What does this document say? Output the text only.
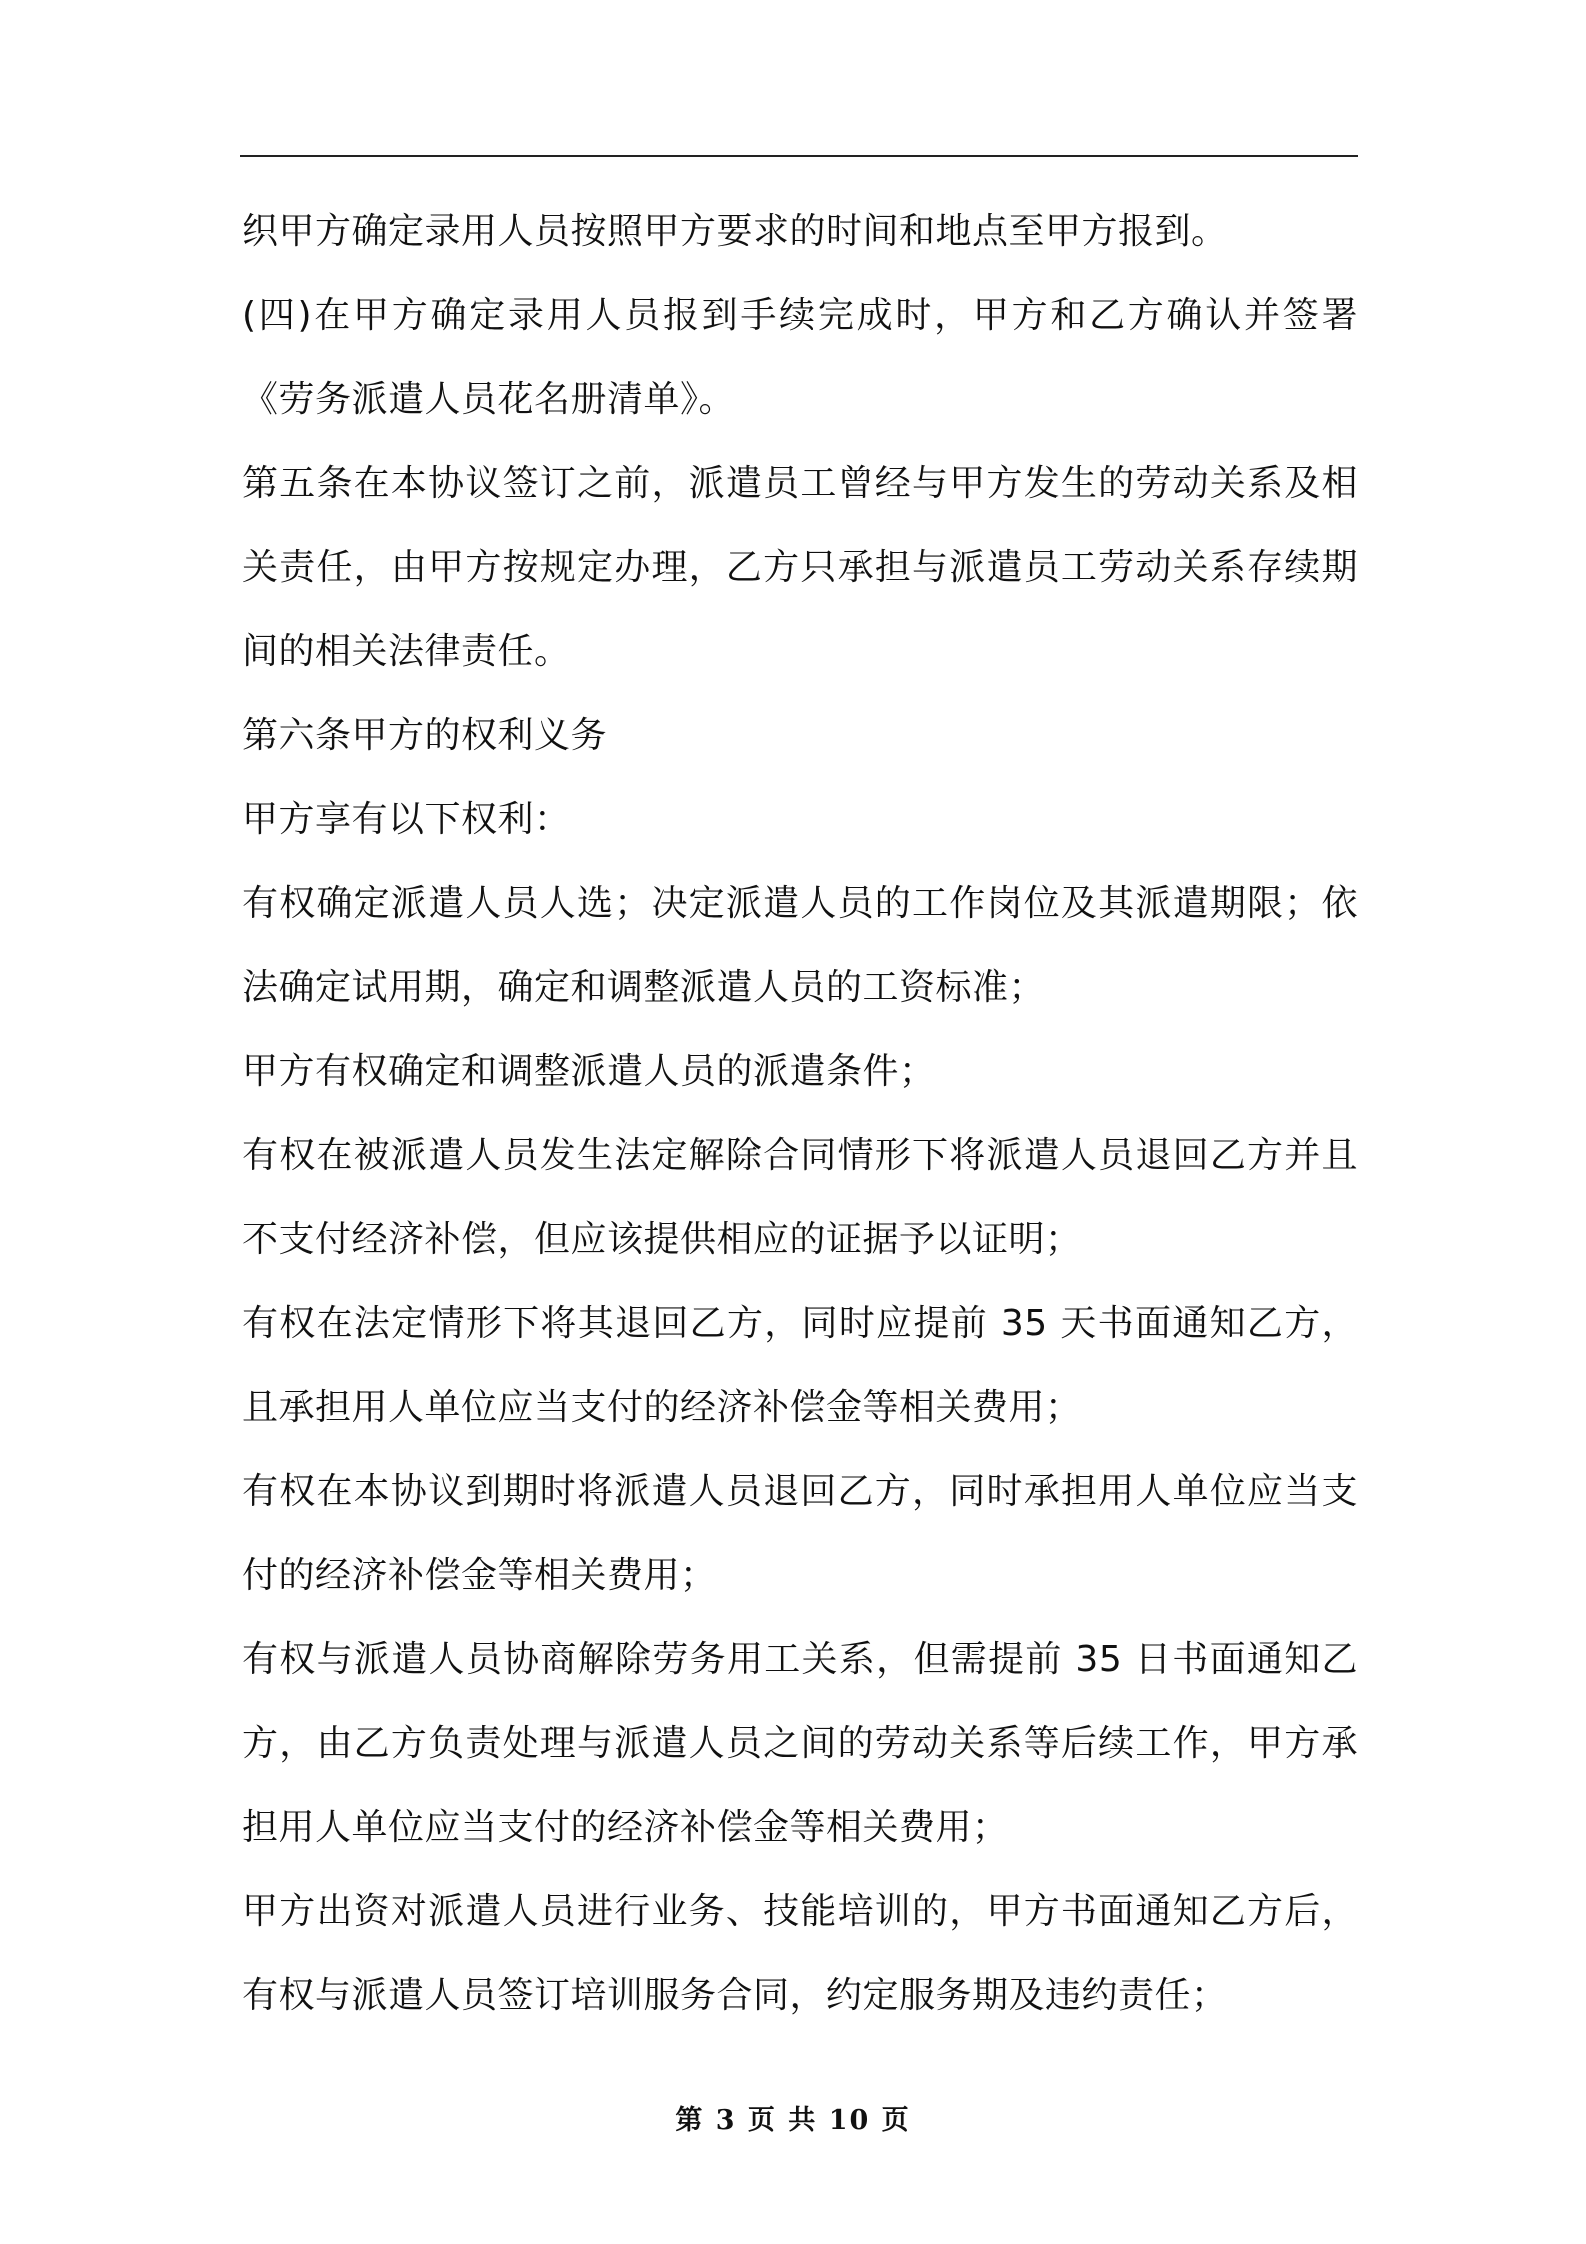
织甲方确定录用人员按照甲方要求的时间和地点至甲方报到。

(四)在甲方确定录用人员报到手续完成时，甲方和乙方确认并签署《劳务派遣人员花名册清单》。

第五条在本协议签订之前，派遣员工曾经与甲方发生的劳动关系及相关责任，由甲方按规定办理，乙方只承担与派遣员工劳动关系存续期间的相关法律责任。

第六条甲方的权利义务

甲方享有以下权利：

有权确定派遣人员人选；决定派遣人员的工作岗位及其派遣期限；依法确定试用期，确定和调整派遣人员的工资标准；

甲方有权确定和调整派遣人员的派遣条件；

有权在被派遣人员发生法定解除合同情形下将派遣人员退回乙方并且不支付经济补偿，但应该提供相应的证据予以证明；

有权在法定情形下将其退回乙方，同时应提前 35 天书面通知乙方，且承担用人单位应当支付的经济补偿金等相关费用；

有权在本协议到期时将派遣人员退回乙方，同时承担用人单位应当支付的经济补偿金等相关费用；

有权与派遣人员协商解除劳务用工关系，但需提前 35 日书面通知乙方，由乙方负责处理与派遣人员之间的劳动关系等后续工作，甲方承担用人单位应当支付的经济补偿金等相关费用；

甲方出资对派遣人员进行业务、技能培训的，甲方书面通知乙方后，有权与派遣人员签订培训服务合同，约定服务期及违约责任；

第 3 页 共 10 页
